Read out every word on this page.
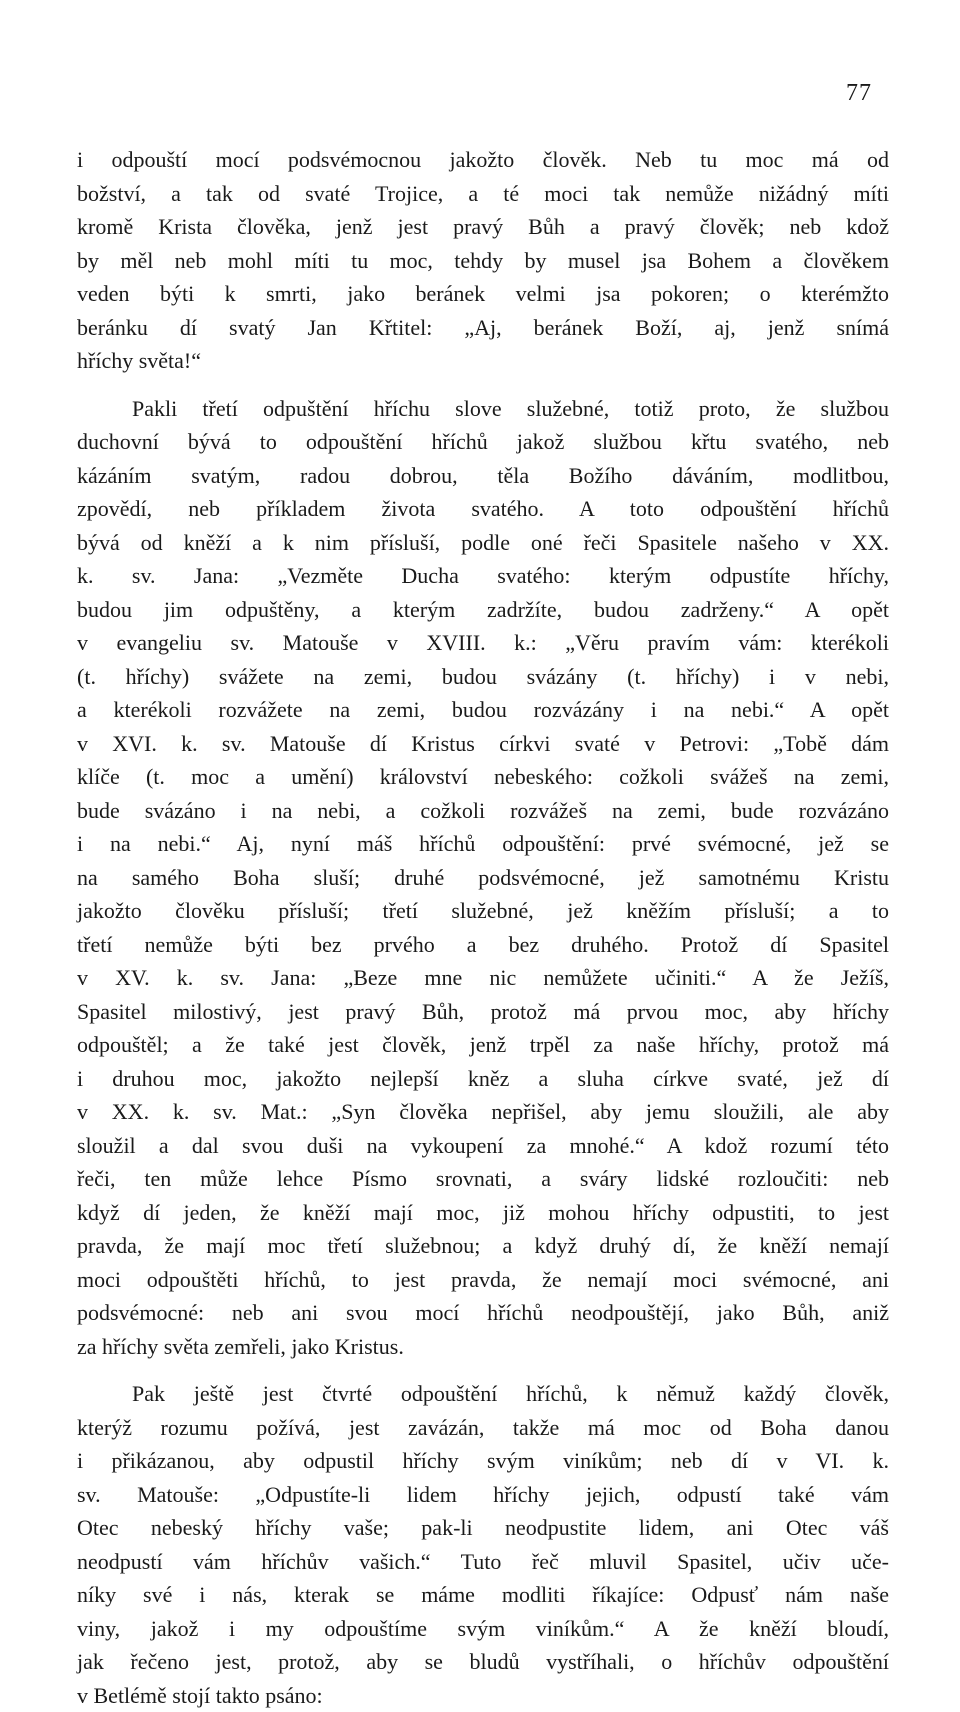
77
i odpouští mocí podsvémocnou jakožto člověk. Neb tu moc má od
božství, a tak od svaté Trojice, a té moci tak nemůže nižádný míti
kromě Krista člověka, jenž jest pravý Bůh a pravý člověk; neb kdož
by měl neb mohl míti tu moc, tehdy by musel jsa Bohem a člověkem
veden býti k smrti, jako beránek velmi jsa pokoren; o kterémžto
beránku dí svatý Jan Křtitel: „Aj, beránek Boží, aj, jenž snímá
hříchy světa!“
Pakli třetí odpuštění hříchu slove služebné, totiž proto, že službou
duchovní bývá to odpouštění hříchů jakož službou křtu svatého, neb
kázáním svatým, radou dobrou, těla Božího dáváním, modlitbou,
zpovědí, neb příkladem života svatého. A toto odpouštění hříchů
bývá od kněží a k nim přísluší, podle oné řeči Spasitele našeho v XX.
k. sv. Jana: „Vezměte Ducha svatého: kterým odpustíte hříchy,
budou jim odpuštěny, a kterým zadržíte, budou zadrženy.“ A opět
v evangeliu sv. Matouše v XVIII. k.: „Věru pravím vám: kterékoli
(t. hříchy) svážete na zemi, budou svázány (t. hříchy) i v nebi,
a kterékoli rozvážete na zemi, budou rozvázány i na nebi.“ A opět
v XVI. k. sv. Matouše dí Kristus církvi svaté v Petrovi: „Tobě dám
klíče (t. moc a umění) království nebeského: cožkoli svážeš na zemi,
bude svázáno i na nebi, a cožkoli rozvážeš na zemi, bude rozvázáno
i na nebi.“ Aj, nyní máš hříchů odpouštění: prvé svémocné, jež se
na samého Boha sluší; druhé podsvémocné, jež samotnému Kristu
jakožto člověku přísluší; třetí služebné, jež kněžím přísluší; a to
třetí nemůže býti bez prvého a bez druhého. Protož dí Spasitel
v XV. k. sv. Jana: „Beze mne nic nemůžete učiniti.“ A že Ježíš,
Spasitel milostivý, jest pravý Bůh, protož má prvou moc, aby hříchy
odpouštěl; a že také jest člověk, jenž trpěl za naše hříchy, protož má
i druhou moc, jakožto nejlepší kněz a sluha církve svaté, jež dí
v XX. k. sv. Mat.: „Syn člověka nepřišel, aby jemu sloužili, ale aby
sloužil a dal svou duši na vykoupení za mnohé.“ A kdož rozumí této
řeči, ten může lehce Písmo srovnati, a sváry lidské rozloučiti: neb
když dí jeden, že kněží mají moc, již mohou hříchy odpustiti, to jest
pravda, že mají moc třetí služebnou; a když druhý dí, že kněží nemají
moci odpouštěti hříchů, to jest pravda, že nemají moci svémocné, ani
podsvémocné: neb ani svou mocí hříchů neodpouštějí, jako Bůh, aniž
za hříchy světa zemřeli, jako Kristus.
Pak ještě jest čtvrté odpouštění hříchů, k němuž každý člověk,
kterýž rozumu požívá, jest zavázán, takže má moc od Boha danou
i přikázanou, aby odpustil hříchy svým viníkům; neb dí v VI. k.
sv. Matouše: „Odpustíte-li lidem hříchy jejich, odpustí také vám
Otec nebeský hříchy vaše; pak-li neodpustite lidem, ani Otec váš
neodpustí vám hříchův vašich.“ Tuto řeč mluvil Spasitel, učiv uče-
níky své i nás, kterak se máme modliti říkajíce: Odpusť nám naše
viny, jakož i my odpouštíme svým viníkům.“ A že kněží bloudí,
jak řečeno jest, protož, aby se bludů vystříhali, o hříchův odpouštění
v Betlémě stojí takto psáno:
